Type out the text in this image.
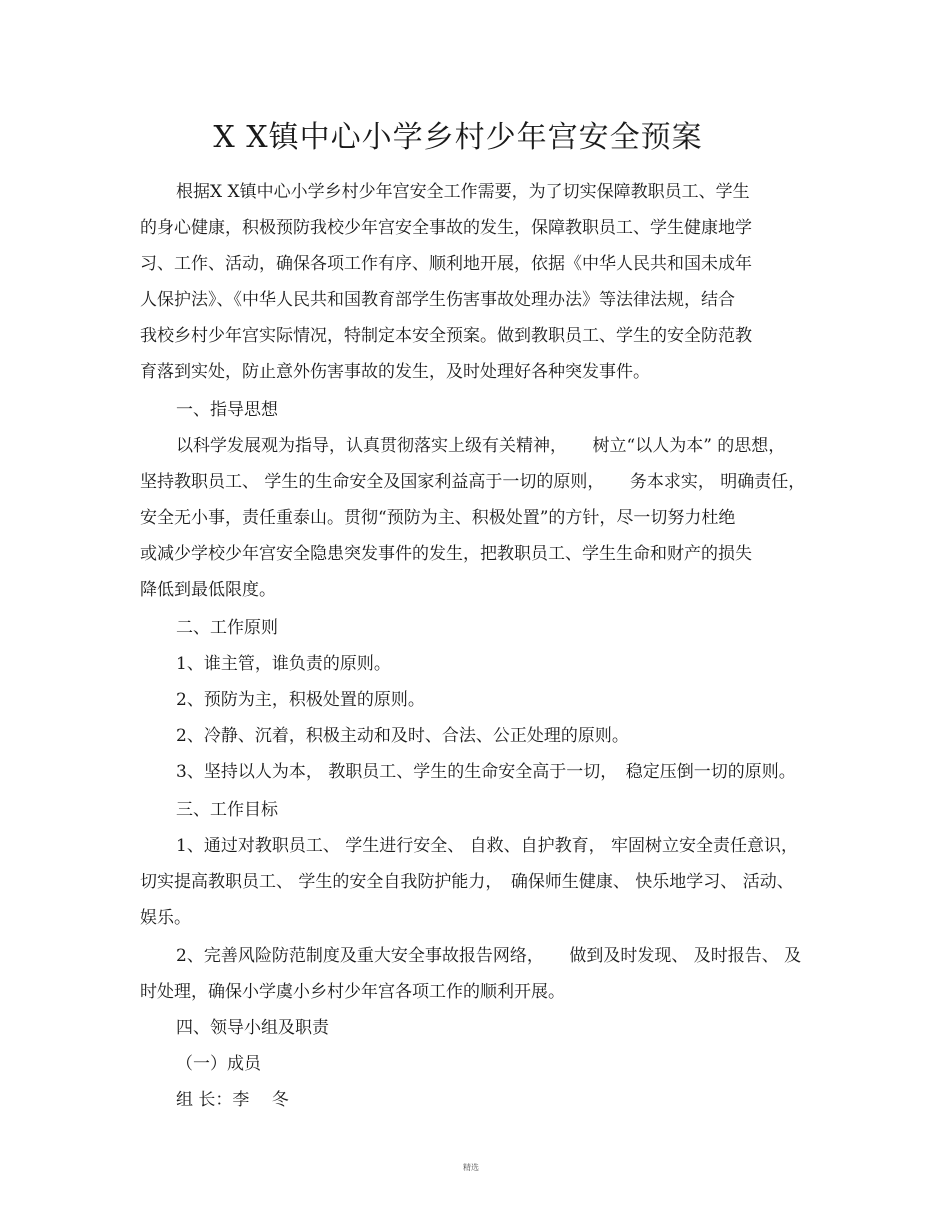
X X镇中心小学乡村少年宫安全预案

根据X X镇中心小学乡村少年宫安全工作需要，为了切实保障教职员工、学生

的身心健康，积极预防我校少年宫安全事故的发生，保障教职员工、学生健康地学

习、工作、活动，确保各项工作有序、顺利地开展，依据《中华人民共和国未成年

人保护法》、《中华人民共和国教育部学生伤害事故处理办法》等法律法规，结合

我校乡村少年宫实际情况，特制定本安全预案。做到教职员工、学生的安全防范教

育落到实处，防止意外伤害事故的发生，及时处理好各种突发事件。

一、指导思想

以科学发展观为指导，认真贯彻落实上级有关精神，　　树立“以人为本” 的思想，

坚持教职员工、 学生的生命安全及国家利益高于一切的原则，　　务本求实， 明确责任，

安全无小事，责任重泰山。贯彻“预防为主、积极处置”的方针，尽一切努力杜绝

或减少学校少年宫安全隐患突发事件的发生，把教职员工、学生生命和财产的损失

降低到最低限度。

二、工作原则

1、谁主管，谁负责的原则。

2、预防为主，积极处置的原则。

2、冷静、沉着，积极主动和及时、合法、公正处理的原则。

3、坚持以人为本， 教职员工、学生的生命安全高于一切，　稳定压倒一切的原则。

三、工作目标

1、通过对教职员工、 学生进行安全、 自救、自护教育， 牢固树立安全责任意识，

切实提高教职员工、 学生的安全自我防护能力，　确保师生健康、 快乐地学习、 活动、

娱乐。

2、完善风险防范制度及重大安全事故报告网络，　　做到及时发现、 及时报告、 及

时处理，确保小学虞小乡村少年宫各项工作的顺利开展。

四、领导小组及职责

（一）成员

组 长：李　 冬

精选
